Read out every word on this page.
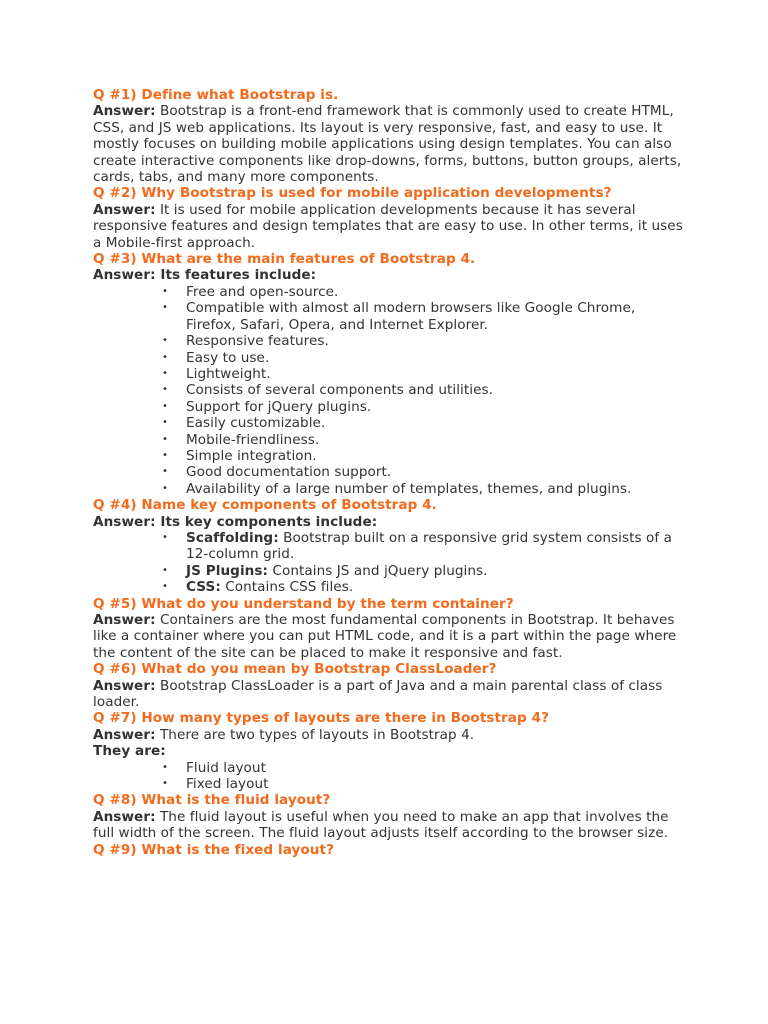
Q #1) Define what Bootstrap is.

Answer: Bootstrap is a front-end framework that is commonly used to create HTML, CSS, and JS web applications. Its layout is very responsive, fast, and easy to use. It mostly focuses on building mobile applications using design templates. You can also create interactive components like drop-downs, forms, buttons, button groups, alerts, cards, tabs, and many more components.

Q #2) Why Bootstrap is used for mobile application developments?

Answer: It is used for mobile application developments because it has several responsive features and design templates that are easy to use. In other terms, it uses a Mobile-first approach.

Q #3) What are the main features of Bootstrap 4.

Answer: Its features include:

• Free and open-source.
• Compatible with almost all modern browsers like Google Chrome, Firefox, Safari, Opera, and Internet Explorer.
• Responsive features.
• Easy to use.
• Lightweight.
• Consists of several components and utilities.
• Support for jQuery plugins.
• Easily customizable.
• Mobile-friendliness.
• Simple integration.
• Good documentation support.
• Availability of a large number of templates, themes, and plugins.

Q #4) Name key components of Bootstrap 4.

Answer: Its key components include:

• Scaffolding: Bootstrap built on a responsive grid system consists of a 12-column grid.
• JS Plugins: Contains JS and jQuery plugins.
• CSS: Contains CSS files.

Q #5) What do you understand by the term container?

Answer: Containers are the most fundamental components in Bootstrap. It behaves like a container where you can put HTML code, and it is a part within the page where the content of the site can be placed to make it responsive and fast.

Q #6) What do you mean by Bootstrap ClassLoader?

Answer: Bootstrap ClassLoader is a part of Java and a main parental class of class loader.

Q #7) How many types of layouts are there in Bootstrap 4?

Answer: There are two types of layouts in Bootstrap 4.

They are:

• Fluid layout
• Fixed layout

Q #8) What is the fluid layout?

Answer: The fluid layout is useful when you need to make an app that involves the full width of the screen. The fluid layout adjusts itself according to the browser size.

Q #9) What is the fixed layout?
